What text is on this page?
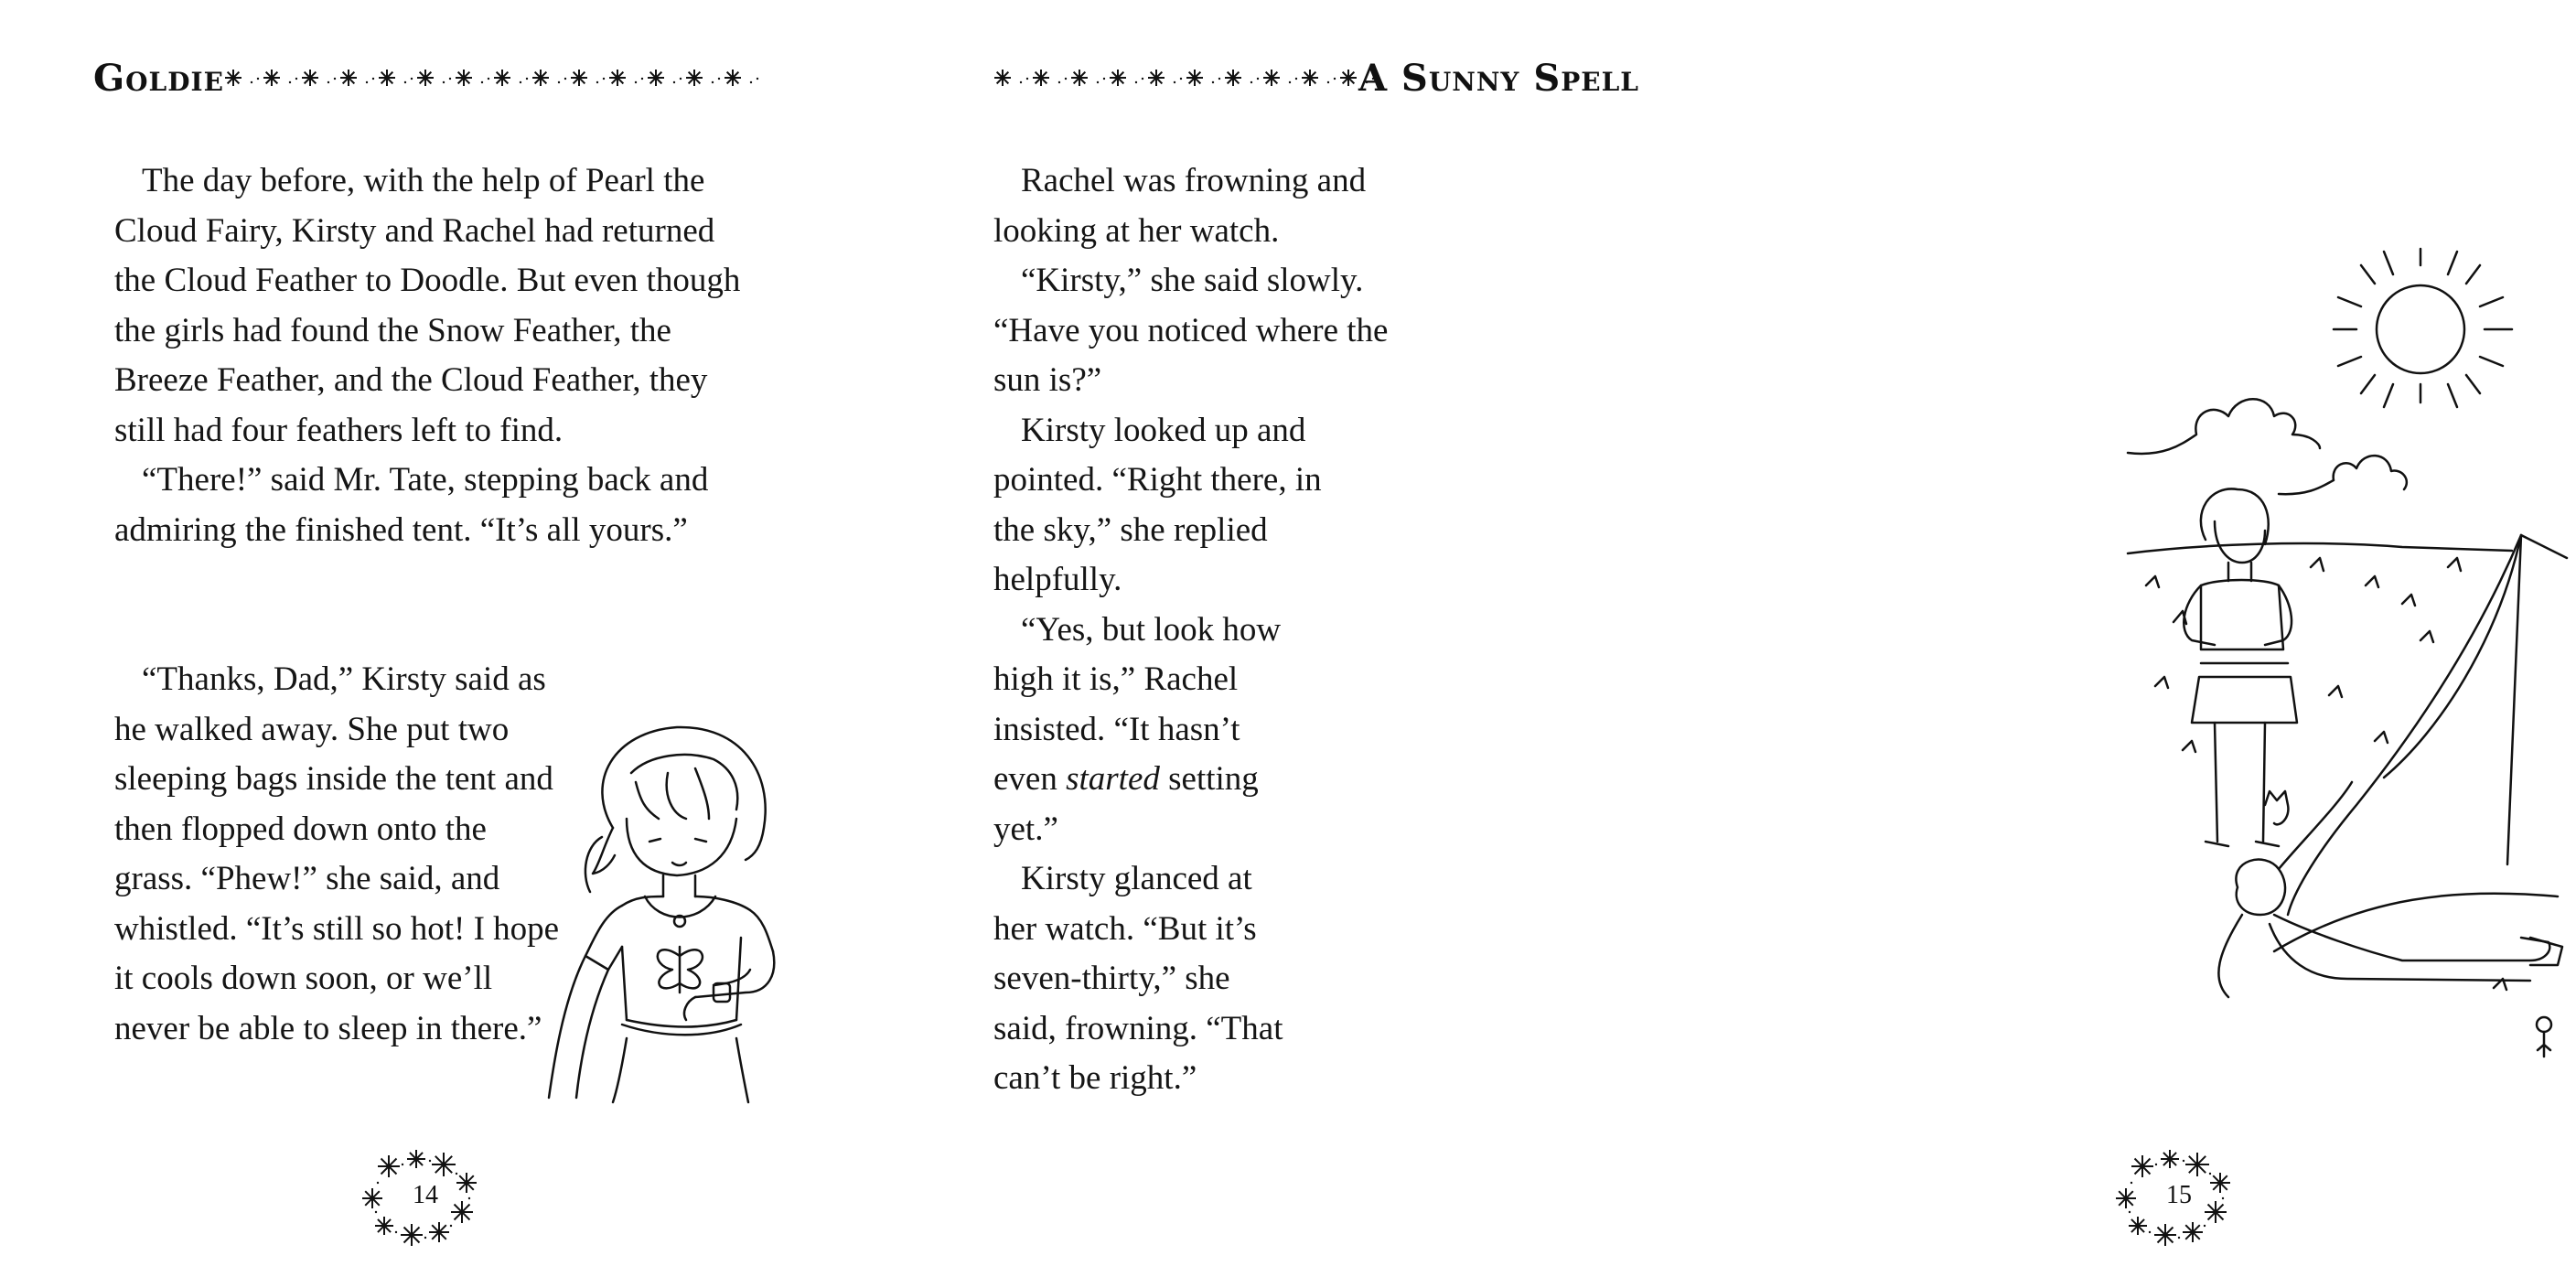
Goldie

The day before, with the help of Pearl the Cloud Fairy, Kirsty and Rachel had returned the Cloud Feather to Doodle. But even though the girls had found the Snow Feather, the Breeze Feather, and the Cloud Feather, they still had four feathers left to find.

“There!” said Mr. Tate, stepping back and admiring the finished tent. “It’s all yours.”

“Thanks, Dad,” Kirsty said as he walked away. She put two sleeping bags inside the tent and then flopped down onto the grass. “Phew!” she said, and whistled. “It’s still so hot! I hope it cools down soon, or we’ll never be able to sleep in there.”

14
A Sunny Spell

Rachel was frowning and looking at her watch.

“Kirsty,” she said slowly. “Have you noticed where the sun is?”

Kirsty looked up and pointed. “Right there, in the sky,” she replied helpfully.

“Yes, but look how high it is,” Rachel insisted. “It hasn’t even started setting yet.”

Kirsty glanced at her watch. “But it’s seven-thirty,” she said, frowning. “That can’t be right.”

15
